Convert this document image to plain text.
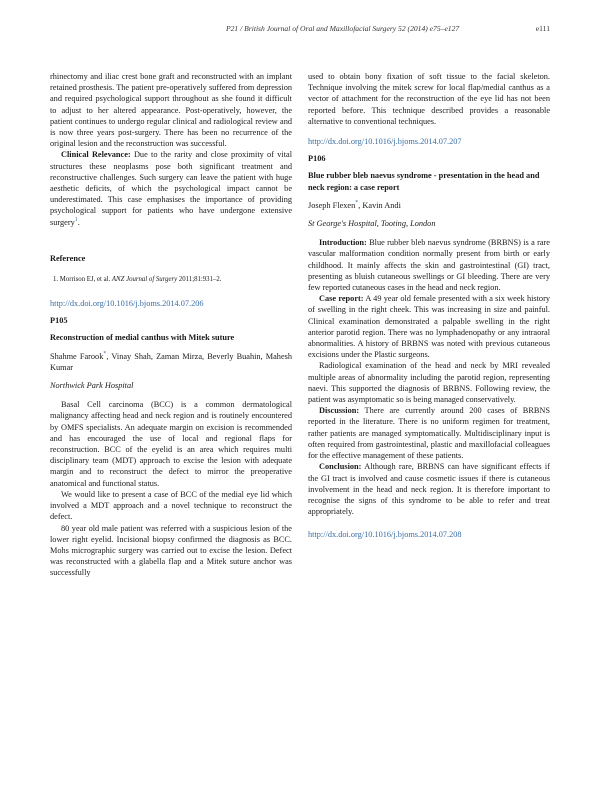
P21 / British Journal of Oral and Maxillofacial Surgery 52 (2014) e75–e127	e111

rhinectomy and iliac crest bone graft and reconstructed with an implant retained prosthesis. The patient pre-operatively suffered from depression and required psychological support throughout as she found it difficult to adjust to her altered appearance. Post-operatively, however, the patient continues to undergo regular clinical and radiological review and is now three years post-surgery. There has been no recurrence of the original lesion and the reconstruction was successful.

Clinical Relevance: Due to the rarity and close proximity of vital structures these neoplasms pose both significant treatment and reconstructive challenges. Such surgery can leave the patient with huge aesthetic deficits, of which the psychological impact cannot be underestimated. This case emphasises the importance of providing psychological support for patients who have undergone extensive surgery$^1$.

Reference
1. Morrison EJ, et al. ANZ Journal of Surgery 2011;81:931–2.
http://dx.doi.org/10.1016/j.bjoms.2014.07.206
P105
Reconstruction of medial canthus with Mitek suture
Shahme Farook*, Vinay Shah, Zaman Mirza, Beverly Buahin, Mahesh Kumar
Northwick Park Hospital

Basal Cell carcinoma (BCC) is a common dermatological malignancy affecting head and neck region and is routinely encountered by OMFS specialists. An adequate margin on excision is recommended and has encouraged the use of local and regional flaps for reconstruction. BCC of the eyelid is an area which requires multi disciplinary team (MDT) approach to excise the lesion with adequate margin and to reconstruct the defect to mirror the preoperative anatomical and functional status.

We would like to present a case of BCC of the medial eye lid which involved a MDT approach and a novel technique to reconstruct the defect.

80 year old male patient was referred with a suspicious lesion of the lower right eyelid. Incisional biopsy confirmed the diagnosis as BCC. Mohs micrographic surgery was carried out to excise the lesion. Defect was reconstructed with a glabella flap and a Mitek suture anchor was successfully

used to obtain bony fixation of soft tissue to the facial skeleton. Technique involving the mitek screw for local flap/medial canthus as a vector of attachment for the reconstruction of the eye lid has not been reported before. This technique described provides a reasonable alternative to conventional techniques.

http://dx.doi.org/10.1016/j.bjoms.2014.07.207
P106
Blue rubber bleb naevus syndrome - presentation in the head and neck region: a case report
Joseph Flexen*, Kavin Andi
St George's Hospital, Tooting, London

Introduction: Blue rubber bleb naevus syndrome (BRBNS) is a rare vascular malformation condition normally present from birth or early childhood. It mainly affects the skin and gastrointestinal (GI) tract, presenting as bluish cutaneous swellings or GI bleeding. There are very few reported cutaneous cases in the head and neck region.

Case report: A 49 year old female presented with a six week history of swelling in the right cheek. This was increasing in size and painful. Clinical examination demonstrated a palpable swelling in the right anterior parotid region. There was no lymphadenopathy or any intraoral abnormalities. A history of BRBNS was noted with previous cutaneous excisions under the Plastic surgeons.

Radiological examination of the head and neck by MRI revealed multiple areas of abnormality including the parotid region, representing naevi. This supported the diagnosis of BRBNS. Following review, the patient was asymptomatic so is being managed conservatively.

Discussion: There are currently around 200 cases of BRBNS reported in the literature. There is no uniform regimen for treatment, rather patients are managed symptomatically. Multidisciplinary input is often required from gastrointestinal, plastic and maxillofacial colleagues for the effective management of these patients.

Conclusion: Although rare, BRBNS can have significant effects if the GI tract is involved and cause cosmetic issues if there is cutaneous involvement in the head and neck region. It is therefore important to recognise the signs of this syndrome to be able to refer and treat appropriately.

http://dx.doi.org/10.1016/j.bjoms.2014.07.208
